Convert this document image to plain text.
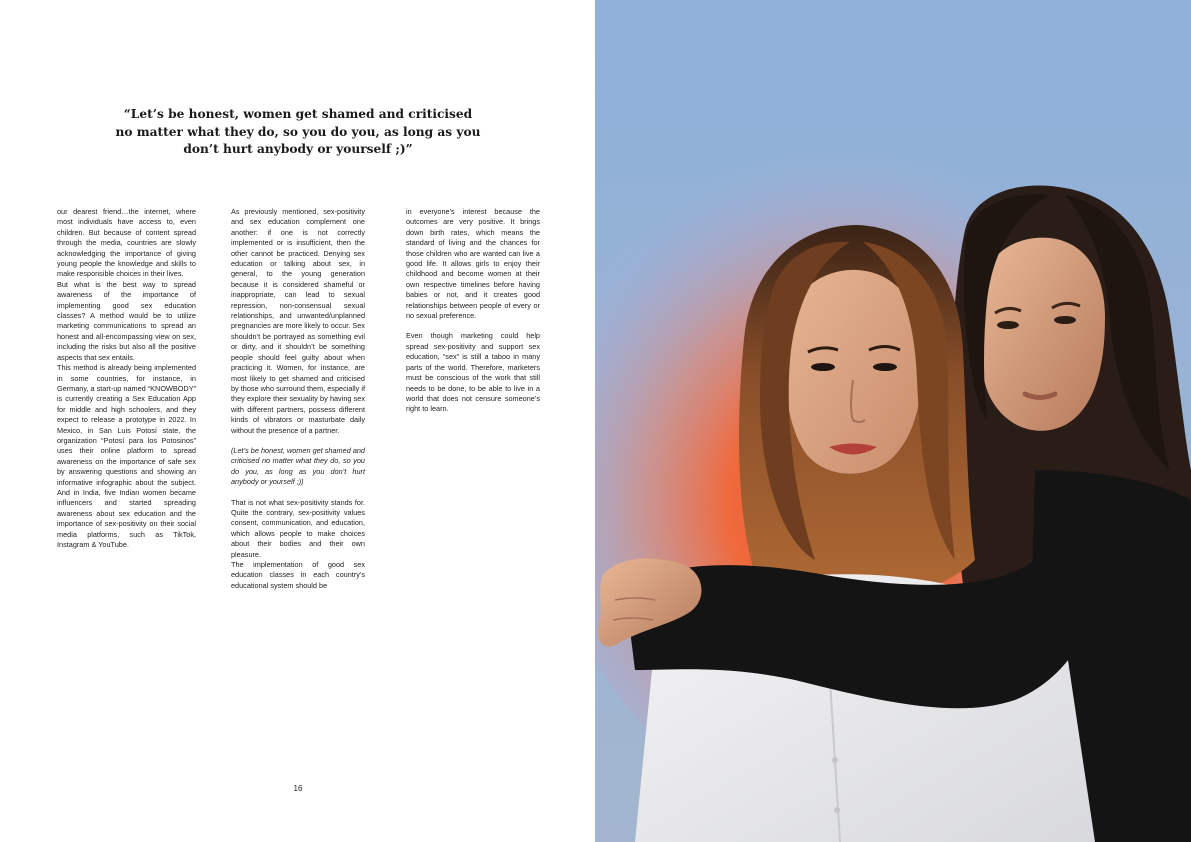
“Let’s be honest, women get shamed and criticised no matter what they do, so you do you, as long as you don’t hurt anybody or yourself ;)”

our dearest friend…the internet, where most individuals have access to, even children. But because of content spread through the media, countries are slowly acknowledging the importance of giving young people the knowledge and skills to make responsible choices in their lives.

But what is the best way to spread awareness of the importance of implementing good sex education classes? A method would be to utilize marketing communications to spread an honest and all-encompassing view on sex, including the risks but also all the positive aspects that sex entails.

This method is already being implemented in some countries, for instance, in Germany, a start-up named “KNOWBODY” is currently creating a Sex Education App for middle and high schoolers, and they expect to release a prototype in 2022. In Mexico, in San Luis Potosí state, the organization “Potosí para los Potosinos” uses their online platform to spread awareness on the importance of safe sex by answering questions and showing an informative infographic about the subject. And in India, five Indian women became influencers and started spreading awareness about sex education and the importance of sex-positivity on their social media platforms, such as TikTok, Instagram & YouTube.

As previously mentioned, sex-positivity and sex education complement one another: if one is not correctly implemented or is insufficient, then the other cannot be practiced. Denying sex education or talking about sex, in general, to the young generation because it is considered shameful or inappropriate, can lead to sexual repression, non-consensual sexual relationships, and unwanted/unplanned pregnancies are more likely to occur. Sex shouldn’t be portrayed as something evil or dirty, and it shouldn’t be something people should feel guilty about when practicing it. Women, for instance, are most likely to get shamed and criticised by those who surround them, especially if they explore their sexuality by having sex with different partners, possess different kinds of vibrators or masturbate daily without the presence of a partner.

(Let’s be honest, women get shamed and criticised no matter what they do, so you do you, as long as you don’t hurt anybody or yourself ;))

That is not what sex-positivity stands for. Quite the contrary, sex-positivity values consent, communication, and education, which allows people to make choices about their bodies and their own pleasure.

The implementation of good sex education classes in each country’s educational system should be

in everyone’s interest because the outcomes are very positive. It brings down birth rates, which means the standard of living and the chances for those children who are wanted can live a good life. It allows girls to enjoy their childhood and become women at their own respective timelines before having babies or not, and it creates good relationships between people of every or no sexual preference.

Even though marketing could help spread sex-positivity and support sex education, “sex” is still a taboo in many parts of the world. Therefore, marketers must be conscious of the work that still needs to be done, to be able to live in a world that does not censure someone’s right to learn.

16
